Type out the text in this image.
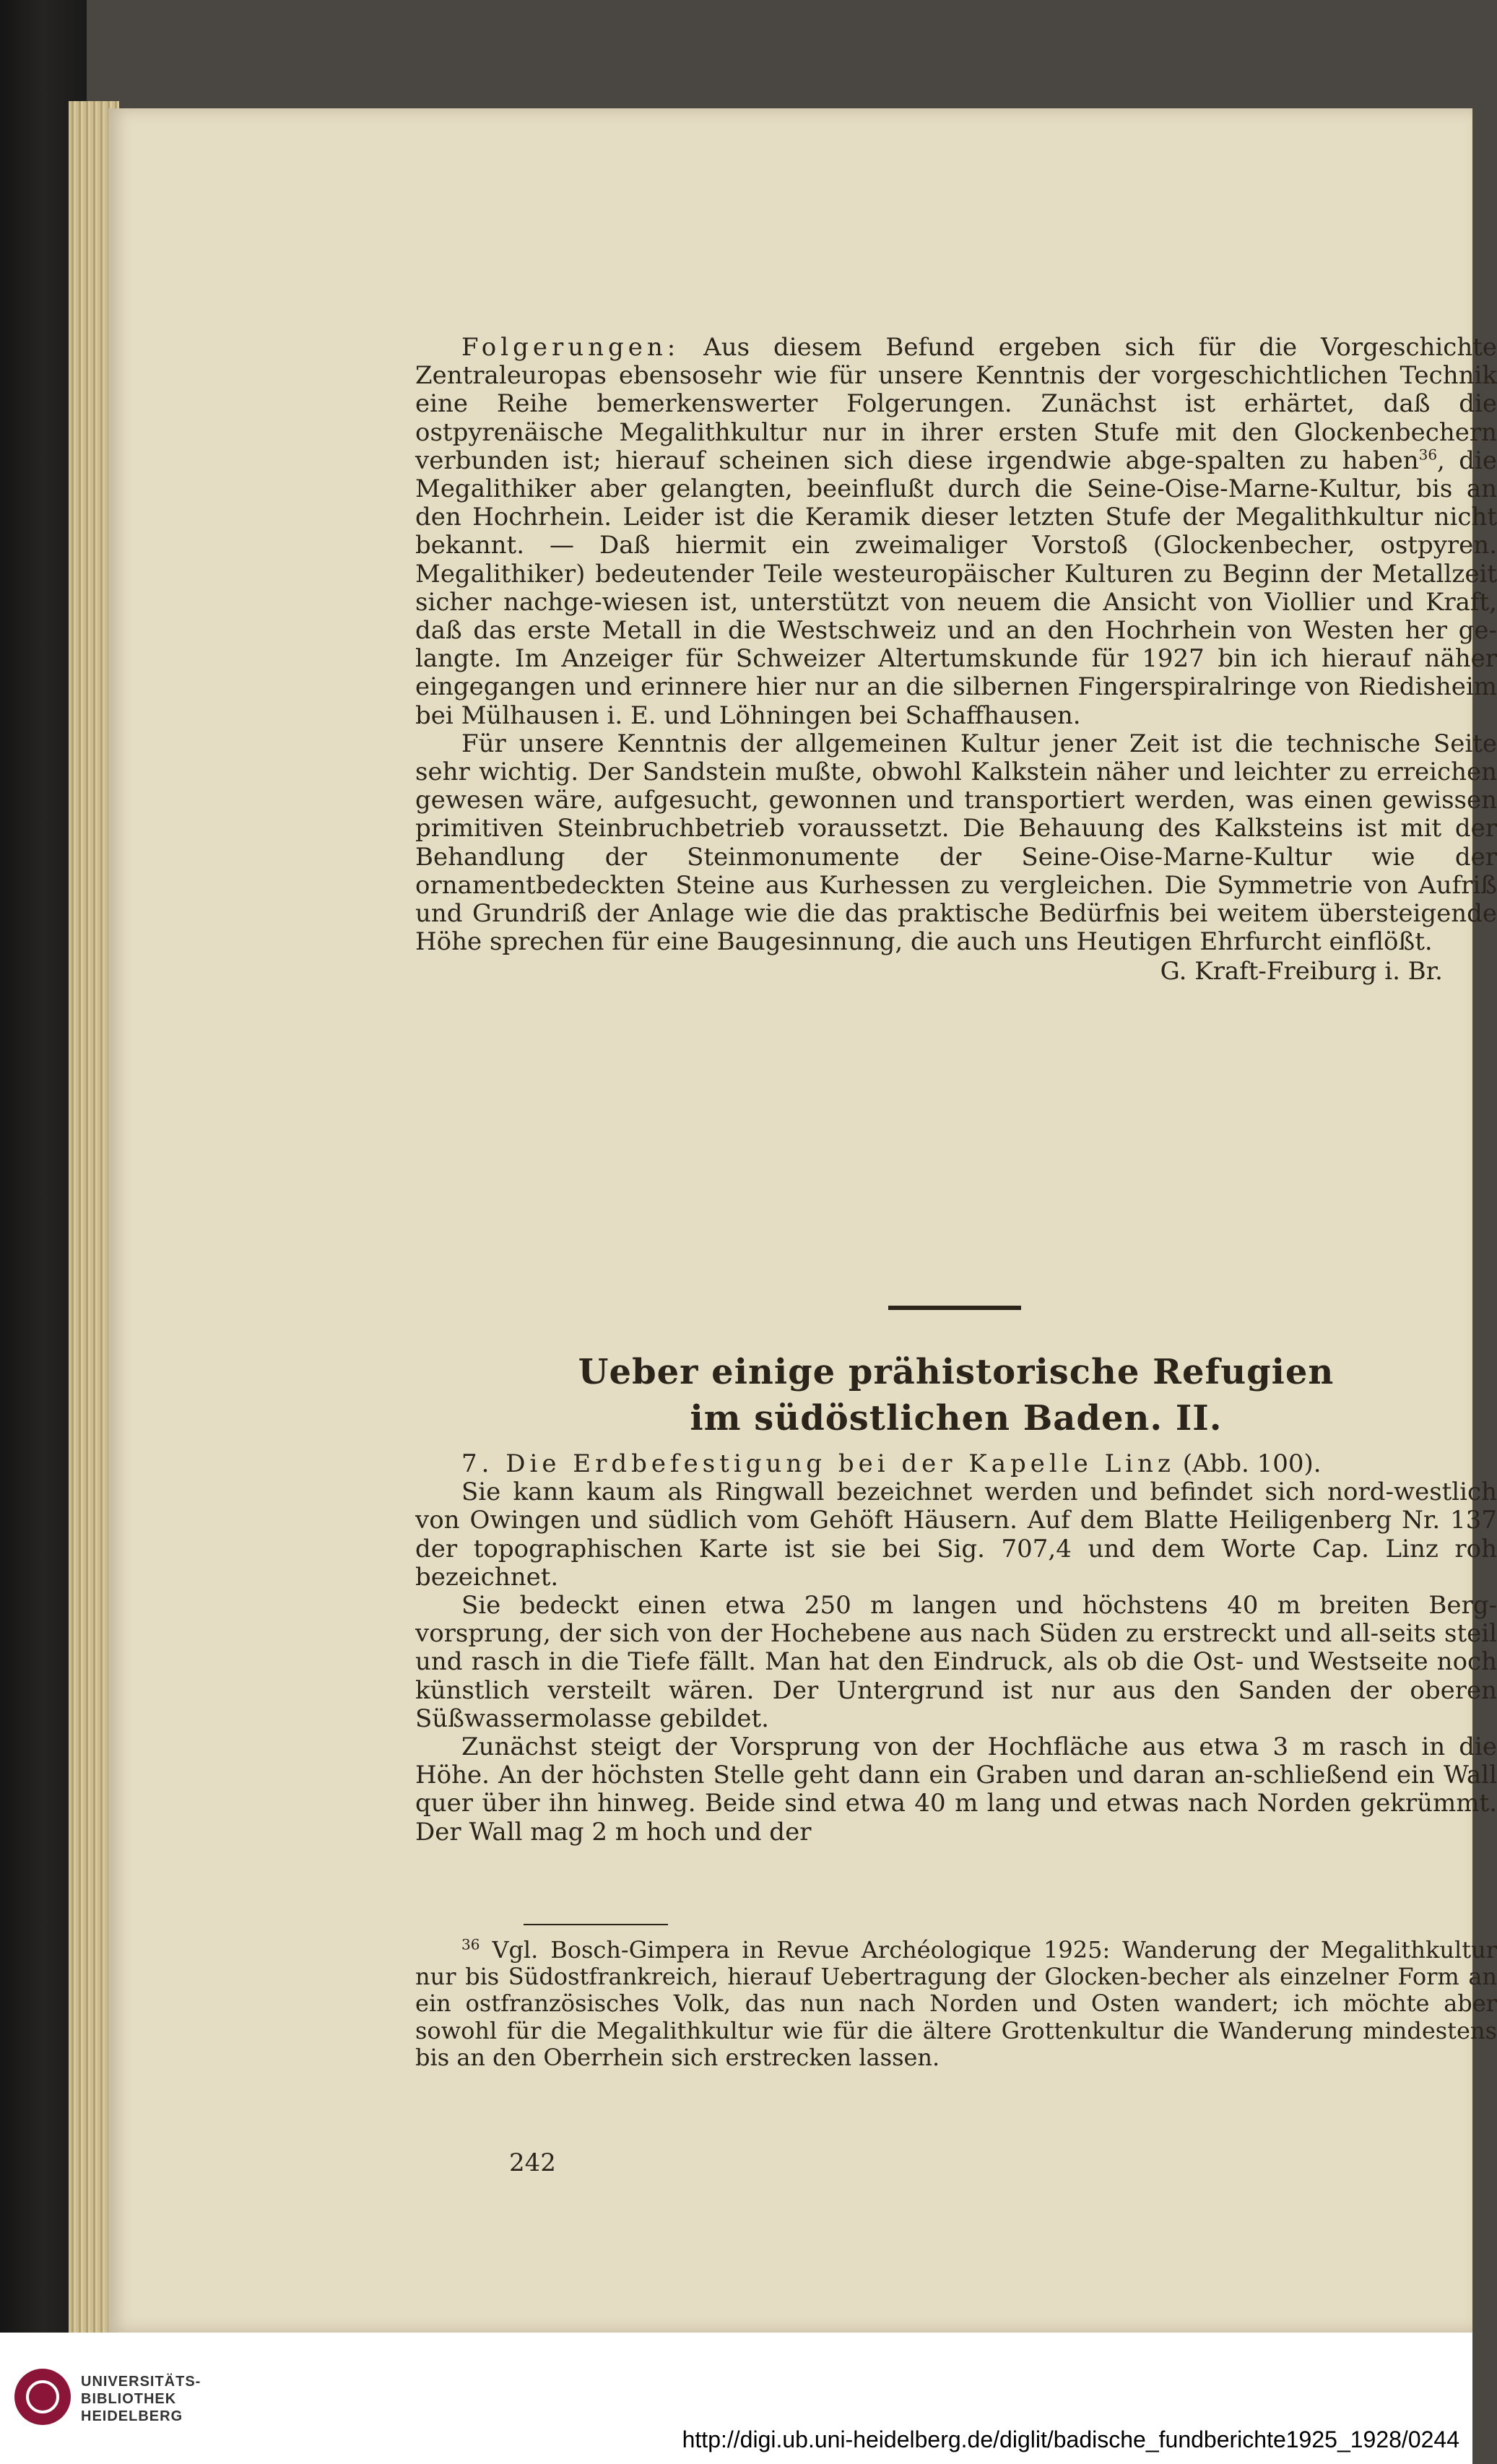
Folgerungen: Aus diesem Befund ergeben sich für die Vorgeschichte Zentraleuropas ebensosehr wie für unsere Kenntnis der vorgeschichtlichen Technik eine Reihe bemerkenswerter Folgerungen. Zunächst ist erhärtet, daß die ostpyrenäische Megalithkultur nur in ihrer ersten Stufe mit den Glockenbechern verbunden ist; hierauf scheinen sich diese irgendwie abge-spalten zu haben$^{36}$, die Megalithiker aber gelangten, beeinflußt durch die Seine-Oise-Marne-Kultur, bis an den Hochrhein. Leider ist die Keramik dieser letzten Stufe der Megalithkultur nicht bekannt. — Daß hiermit ein zweimaliger Vorstoß (Glockenbecher, ostpyren. Megalithiker) bedeutender Teile westeuropäischer Kulturen zu Beginn der Metallzeit sicher nachge-wiesen ist, unterstützt von neuem die Ansicht von Viollier und Kraft, daß das erste Metall in die Westschweiz und an den Hochrhein von Westen her ge-langte. Im Anzeiger für Schweizer Altertumskunde für 1927 bin ich hierauf näher eingegangen und erinnere hier nur an die silbernen Fingerspiralringe von Riedisheim bei Mülhausen i. E. und Löhningen bei Schaffhausen.

Für unsere Kenntnis der allgemeinen Kultur jener Zeit ist die technische Seite sehr wichtig. Der Sandstein mußte, obwohl Kalkstein näher und leichter zu erreichen gewesen wäre, aufgesucht, gewonnen und transportiert werden, was einen gewissen primitiven Steinbruchbetrieb voraussetzt. Die Behauung des Kalksteins ist mit der Behandlung der Steinmonumente der Seine-Oise-Marne-Kultur wie der ornamentbedeckten Steine aus Kurhessen zu vergleichen. Die Symmetrie von Aufriß und Grundriß der Anlage wie die das praktische Bedürfnis bei weitem übersteigende Höhe sprechen für eine Baugesinnung, die auch uns Heutigen Ehrfurcht einflößt.

G. Kraft-Freiburg i. Br.

Ueber einige prähistorische Refugien
im südöstlichen Baden. II.

7. Die Erdbefestigung bei der Kapelle Linz (Abb. 100).

Sie kann kaum als Ringwall bezeichnet werden und befindet sich nord-westlich von Owingen und südlich vom Gehöft Häusern. Auf dem Blatte Heiligenberg Nr. 137 der topographischen Karte ist sie bei Sig. 707,4 und dem Worte Cap. Linz roh bezeichnet.

Sie bedeckt einen etwa 250 m langen und höchstens 40 m breiten Berg-vorsprung, der sich von der Hochebene aus nach Süden zu erstreckt und all-seits steil und rasch in die Tiefe fällt. Man hat den Eindruck, als ob die Ost- und Westseite noch künstlich versteilt wären. Der Untergrund ist nur aus den Sanden der oberen Süßwassermolasse gebildet.

Zunächst steigt der Vorsprung von der Hochfläche aus etwa 3 m rasch in die Höhe. An der höchsten Stelle geht dann ein Graben und daran an-schließend ein Wall quer über ihn hinweg. Beide sind etwa 40 m lang und etwas nach Norden gekrümmt. Der Wall mag 2 m hoch und der

$^{36}$ Vgl. Bosch-Gimpera in Revue Archéologique 1925: Wanderung der Megalithkultur nur bis Südostfrankreich, hierauf Uebertragung der Glocken-becher als einzelner Form an ein ostfranzösisches Volk, das nun nach Norden und Osten wandert; ich möchte aber sowohl für die Megalithkultur wie für die ältere Grottenkultur die Wanderung mindestens bis an den Oberrhein sich erstrecken lassen.

242
UNIVERSITÄTS-
BIBLIOTHEK
HEIDELBERG
http://digi.ub.uni-heidelberg.de/diglit/badische_fundberichte1925_1928/0244
